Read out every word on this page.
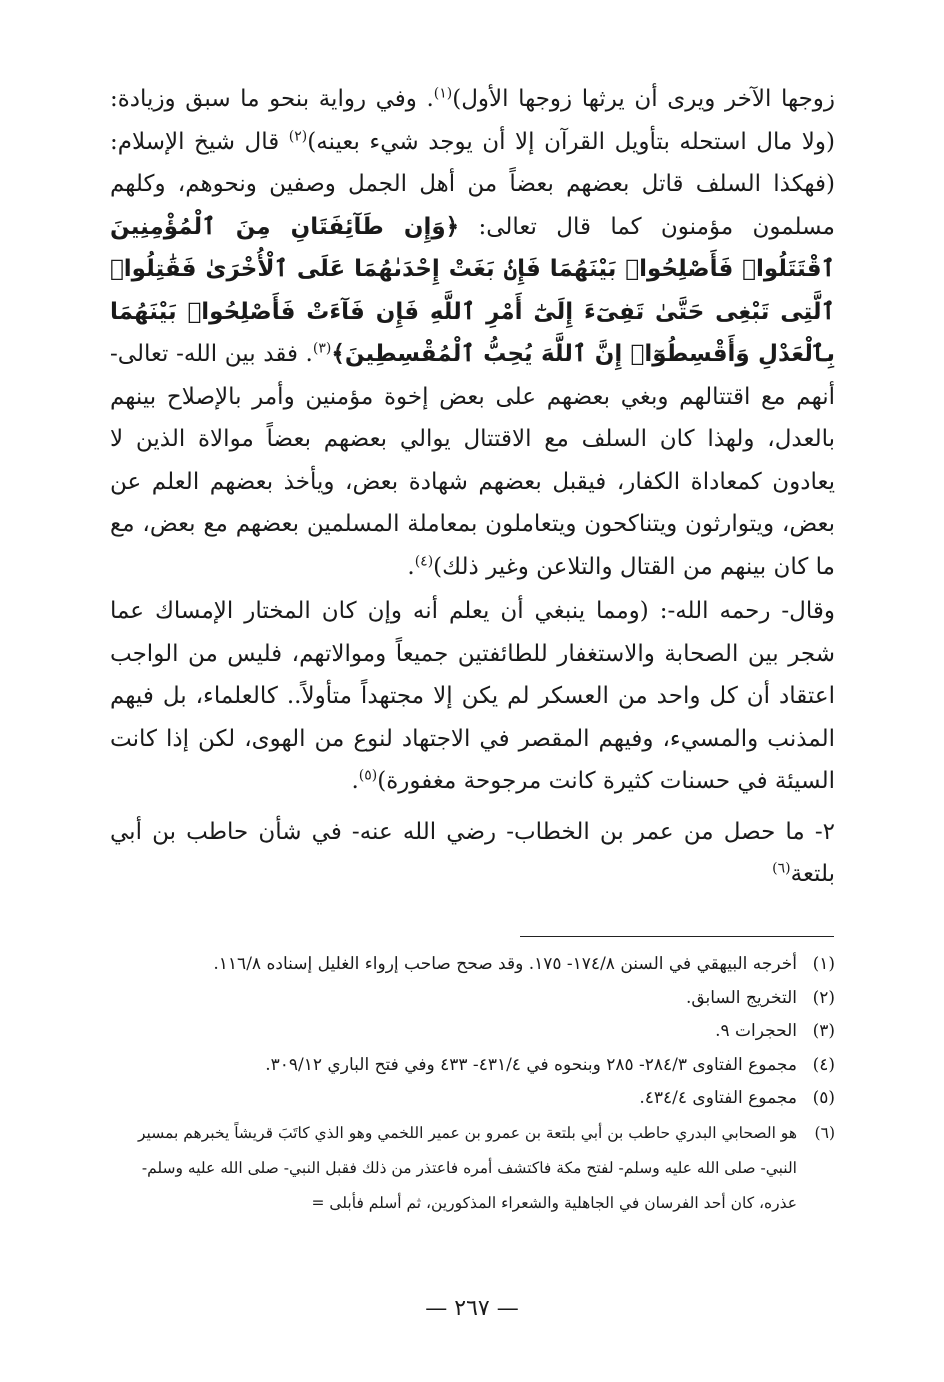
زوجها الآخر ويرى أن يرثها زوجها الأول)$^{(١)}$. وفي رواية بنحو ما سبق وزيادة: (ولا مال استحله بتأويل القرآن إلا أن يوجد شيء بعينه)$^{(٢)}$ قال شيخ الإسلام: (فهكذا السلف قاتل بعضهم بعضاً من أهل الجمل وصفين ونحوهم، وكلهم مسلمون مؤمنون كما قال تعالى: ﴿وَإِن طَآئِفَتَانِ مِنَ ٱلْمُؤْمِنِينَ ٱقْتَتَلُوا۟ فَأَصْلِحُوا۟ بَيْنَهُمَا فَإِنۢ بَغَتْ إِحْدَىٰهُمَا عَلَى ٱلْأُخْرَىٰ فَقَٰتِلُوا۟ ٱلَّتِى تَبْغِى حَتَّىٰ تَفِىٓءَ إِلَىٰٓ أَمْرِ ٱللَّهِ فَإِن فَآءَتْ فَأَصْلِحُوا۟ بَيْنَهُمَا بِٱلْعَدْلِ وَأَقْسِطُوٓا۟ إِنَّ ٱللَّهَ يُحِبُّ ٱلْمُقْسِطِينَ﴾$^{(٣)}$. فقد بين الله- تعالى- أنهم مع اقتتالهم وبغي بعضهم على بعض إخوة مؤمنين وأمر بالإصلاح بينهم بالعدل، ولهذا كان السلف مع الاقتتال يوالي بعضهم بعضاً موالاة الذين لا يعادون كمعاداة الكفار، فيقبل بعضهم شهادة بعض، ويأخذ بعضهم العلم عن بعض، ويتوارثون ويتناكحون ويتعاملون بمعاملة المسلمين بعضهم مع بعض، مع ما كان بينهم من القتال والتلاعن وغير ذلك)$^{(٤)}$.

وقال- رحمه الله-: (ومما ينبغي أن يعلم أنه وإن كان المختار الإمساك عما شجر بين الصحابة والاستغفار للطائفتين جميعاً وموالاتهم، فليس من الواجب اعتقاد أن كل واحد من العسكر لم يكن إلا مجتهداً متأولاً.. كالعلماء، بل فيهم المذنب والمسيء، وفيهم المقصر في الاجتهاد لنوع من الهوى، لكن إذا كانت السيئة في حسنات كثيرة كانت مرجوحة مغفورة)$^{(٥)}$.

٢- ما حصل من عمر بن الخطاب- رضي الله عنه- في شأن حاطب بن أبي بلتعة$^{(٦)}$

(١)
أخرجه البيهقي في السنن ١٧٤/٨- ١٧٥. وقد صحح صاحب إرواء الغليل إسناده ١١٦/٨.
(٢)
التخريج السابق.
(٣)
الحجرات ٩.
(٤)
مجموع الفتاوى ٢٨٤/٣- ٢٨٥ وبنحوه في ٤٣١/٤- ٤٣٣ وفي فتح الباري ٣٠٩/١٢.
(٥)
مجموع الفتاوى ٤٣٤/٤.
(٦)
هو الصحابي البدري حاطب بن أبي بلتعة بن عمرو بن عمير اللخمي وهو الذي كاتَبَ قريشاً يخبرهم بمسير النبي- صلى الله عليه وسلم- لفتح مكة فاكتشف أمره فاعتذر من ذلك فقبل النبي- صلى الله عليه وسلم- عذره، كان أحد الفرسان في الجاهلية والشعراء المذكورين، ثم أسلم فأبلى =
— ٢٦٧ —
